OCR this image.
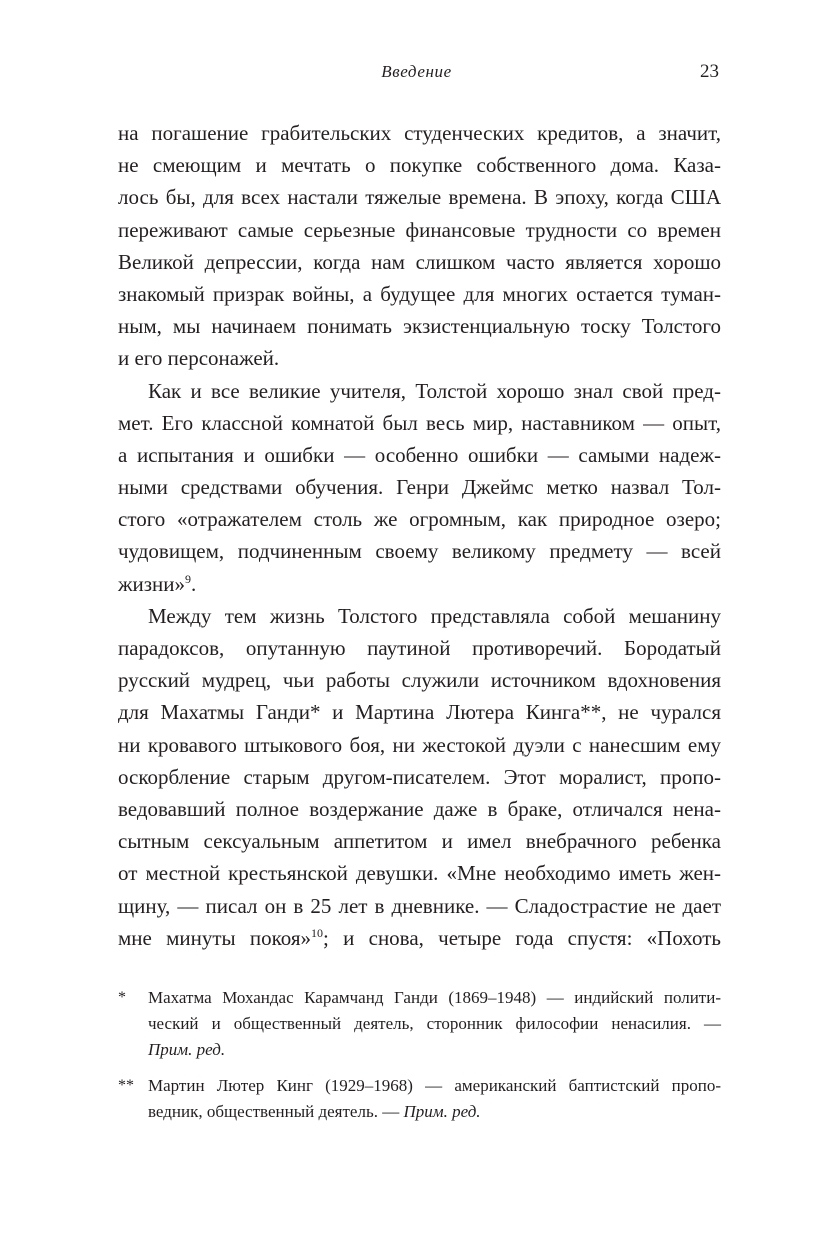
Введение	23
на погашение грабительских студенческих кредитов, а значит,
не смеющим и мечтать о покупке собственного дома. Каза-
лось бы, для всех настали тяжелые времена. В эпоху, когда США
переживают самые серьезные финансовые трудности со времен
Великой депрессии, когда нам слишком часто является хорошо
знакомый призрак войны, а будущее для многих остается туман-
ным, мы начинаем понимать экзистенциальную тоску Толстого
и его персонажей.
Как и все великие учителя, Толстой хорошо знал свой пред-
мет. Его классной комнатой был весь мир, наставником — опыт,
а испытания и ошибки — особенно ошибки — самыми надеж-
ными средствами обучения. Генри Джеймс метко назвал Тол-
стого «отражателем столь же огромным, как природное озеро;
чудовищем, подчиненным своему великому предмету — всей
жизни»$^9$.
Между тем жизнь Толстого представляла собой мешанину
парадоксов, опутанную паутиной противоречий. Бородатый
русский мудрец, чьи работы служили источником вдохновения
для Махатмы Ганди* и Мартина Лютера Кинга**, не чурался
ни кровавого штыкового боя, ни жестокой дуэли с нанесшим ему
оскорбление старым другом-писателем. Этот моралист, пропо-
ведовавший полное воздержание даже в браке, отличался нена-
сытным сексуальным аппетитом и имел внебрачного ребенка
от местной крестьянской девушки. «Мне необходимо иметь жен-
щину, — писал он в 25 лет в дневнике. — Сладострастие не дает
мне минуты покоя»$^{10}$; и снова, четыре года спустя: «Похоть
* Махатма Мохандас Карамчанд Ганди (1869–1948) — индийский полити-
ческий и общественный деятель, сторонник философии ненасилия. —
Прим. ред.
** Мартин Лютер Кинг (1929–1968) — американский баптистский пропо-
ведник, общественный деятель. — Прим. ред.
